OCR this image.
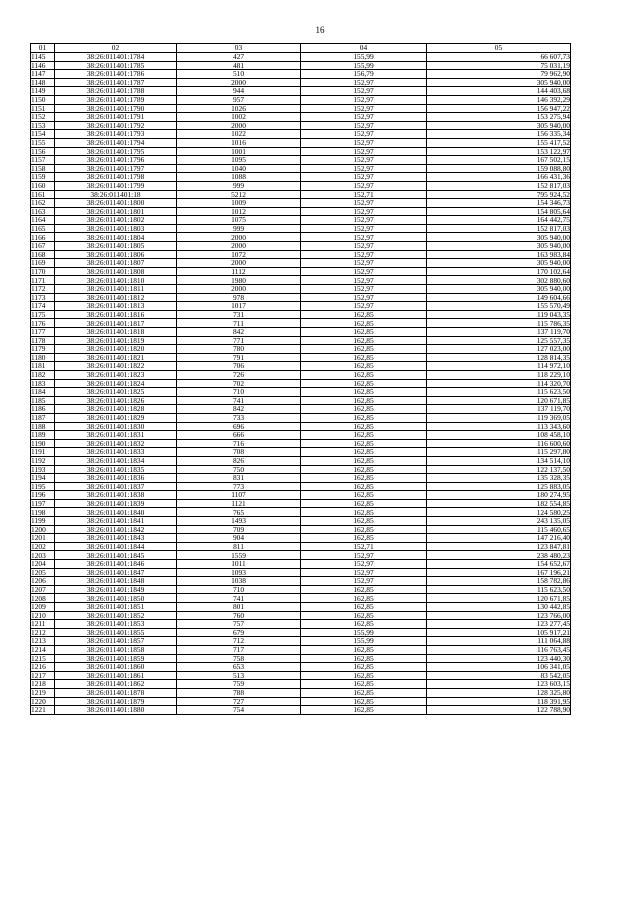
16
01	02	03	04	05
1145	38:26:011401:1784	427	155,99	66 607,73
1146	38:26:011401:1785	481	155,99	75 031,19
1147	38:26:011401:1786	510	156,79	79 962,90
1148	38:26:011401:1787	2000	152,97	305 940,00
1149	38:26:011401:1788	944	152,97	144 403,68
1150	38:26:011401:1789	957	152,97	146 392,29
1151	38:26:011401:1790	1026	152,97	156 947,22
1152	38:26:011401:1791	1002	152,97	153 275,94
1153	38:26:011401:1792	2000	152,97	305 940,00
1154	38:26:011401:1793	1022	152,97	156 335,34
1155	38:26:011401:1794	1016	152,97	155 417,52
1156	38:26:011401:1795	1001	152,97	153 122,97
1157	38:26:011401:1796	1095	152,97	167 502,15
1158	38:26:011401:1797	1040	152,97	159 088,80
1159	38:26:011401:1798	1088	152,97	166 431,36
1160	38:26:011401:1799	999	152,97	152 817,03
1161	38:26:011401:18	5212	152,71	795 924,52
1162	38:26:011401:1800	1009	152,97	154 346,73
1163	38:26:011401:1801	1012	152,97	154 805,64
1164	38:26:011401:1802	1075	152,97	164 442,75
1165	38:26:011401:1803	999	152,97	152 817,03
1166	38:26:011401:1804	2000	152,97	305 940,00
1167	38:26:011401:1805	2000	152,97	305 940,00
1168	38:26:011401:1806	1072	152,97	163 983,84
1169	38:26:011401:1807	2000	152,97	305 940,00
1170	38:26:011401:1808	1112	152,97	170 102,64
1171	38:26:011401:1810	1980	152,97	302 880,60
1172	38:26:011401:1811	2000	152,97	305 940,00
1173	38:26:011401:1812	978	152,97	149 604,66
1174	38:26:011401:1813	1017	152,97	155 570,49
1175	38:26:011401:1816	731	162,85	119 043,35
1176	38:26:011401:1817	711	162,85	115 786,35
1177	38:26:011401:1818	842	162,85	137 119,70
1178	38:26:011401:1819	771	162,85	125 557,35
1179	38:26:011401:1820	780	162,85	127 023,00
1180	38:26:011401:1821	791	162,85	128 814,35
1181	38:26:011401:1822	706	162,85	114 972,10
1182	38:26:011401:1823	726	162,85	118 229,10
1183	38:26:011401:1824	702	162,85	114 320,70
1184	38:26:011401:1825	710	162,85	115 623,50
1185	38:26:011401:1826	741	162,85	120 671,85
1186	38:26:011401:1828	842	162,85	137 119,70
1187	38:26:011401:1829	733	162,85	119 369,05
1188	38:26:011401:1830	696	162,85	113 343,60
1189	38:26:011401:1831	666	162,85	108 458,10
1190	38:26:011401:1832	716	162,85	116 600,60
1191	38:26:011401:1833	708	162,85	115 297,80
1192	38:26:011401:1834	826	162,85	134 514,10
1193	38:26:011401:1835	750	162,85	122 137,50
1194	38:26:011401:1836	831	162,85	135 328,35
1195	38:26:011401:1837	773	162,85	125 883,05
1196	38:26:011401:1838	1107	162,85	180 274,95
1197	38:26:011401:1839	1121	162,85	182 554,85
1198	38:26:011401:1840	765	162,85	124 580,25
1199	38:26:011401:1841	1493	162,85	243 135,05
1200	38:26:011401:1842	709	162,85	115 460,65
1201	38:26:011401:1843	904	162,85	147 216,40
1202	38:26:011401:1844	811	152,71	123 847,81
1203	38:26:011401:1845	1559	152,97	238 480,23
1204	38:26:011401:1846	1011	152,97	154 652,67
1205	38:26:011401:1847	1093	152,97	167 196,21
1206	38:26:011401:1848	1038	152,97	158 782,86
1207	38:26:011401:1849	710	162,85	115 623,50
1208	38:26:011401:1850	741	162,85	120 671,85
1209	38:26:011401:1851	801	162,85	130 442,85
1210	38:26:011401:1852	760	162,85	123 766,00
1211	38:26:011401:1853	757	162,85	123 277,45
1212	38:26:011401:1855	679	155,99	105 917,21
1213	38:26:011401:1857	712	155,99	111 064,88
1214	38:26:011401:1858	717	162,85	116 763,45
1215	38:26:011401:1859	758	162,85	123 440,30
1216	38:26:011401:1860	653	162,85	106 341,05
1217	38:26:011401:1861	513	162,85	83 542,05
1218	38:26:011401:1862	759	162,85	123 603,15
1219	38:26:011401:1878	788	162,85	128 325,80
1220	38:26:011401:1879	727	162,85	118 391,95
1221	38:26:011401:1880	754	162,85	122 788,90
